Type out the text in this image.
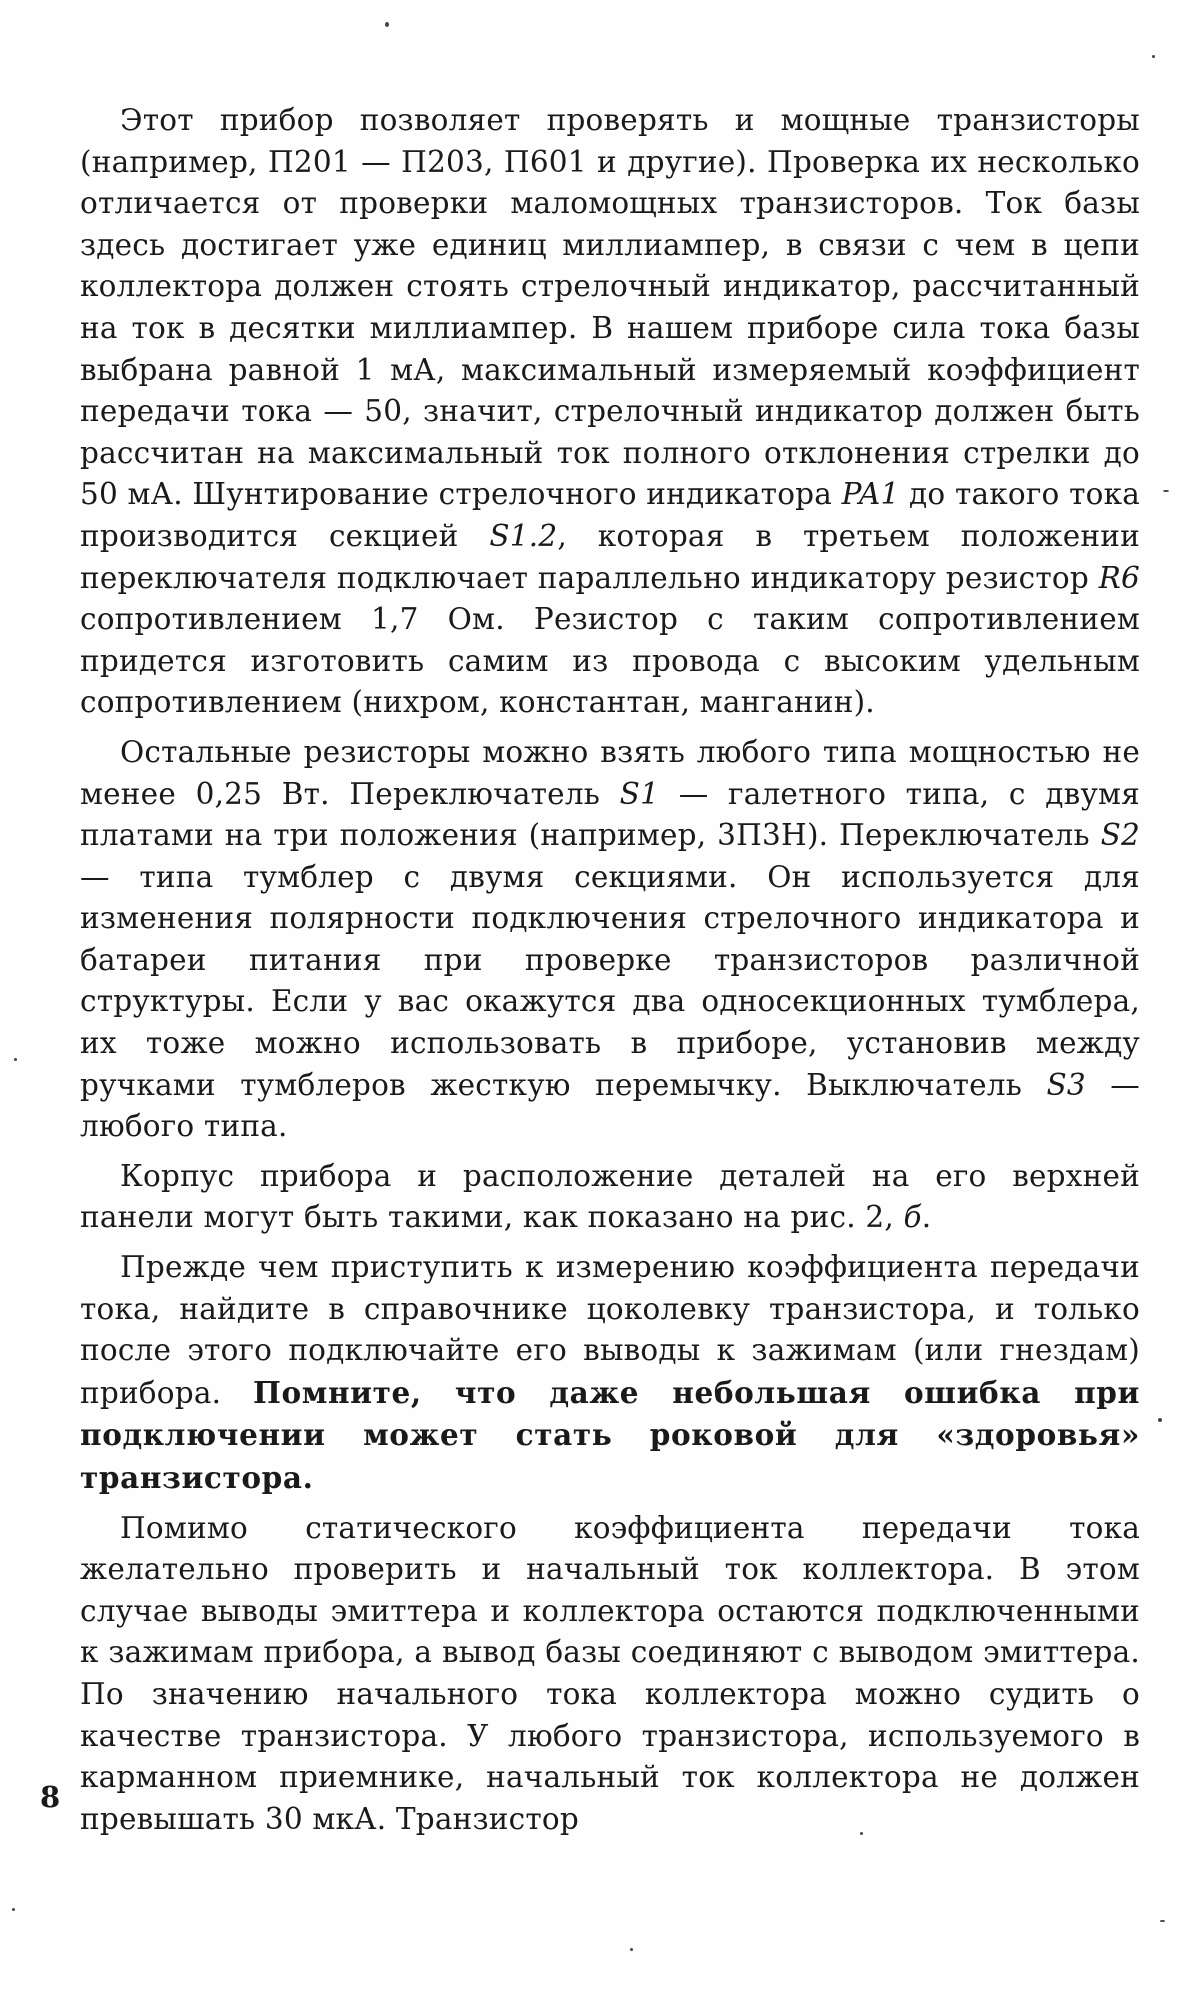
Этот прибор позволяет проверять и мощные транзисторы (например, П201 — П203, П601 и другие). Проверка их несколько отличается от проверки маломощных транзисторов. Ток базы здесь достигает уже единиц миллиампер, в связи с чем в цепи коллектора должен стоять стрелочный индикатор, рассчитанный на ток в десятки миллиампер. В нашем приборе сила тока базы выбрана равной 1 мА, максимальный измеряемый коэффициент передачи тока — 50, значит, стрелочный индикатор должен быть рассчитан на максимальный ток полного отклонения стрелки до 50 мА. Шунтирование стрелочного индикатора PA1 до такого тока производится секцией S1.2, которая в третьем положении переключателя подключает параллельно индикатору резистор R6 сопротивлением 1,7 Ом. Резистор с таким сопротивлением придется изготовить самим из провода с высоким удельным сопротивлением (нихром, константан, манганин).

Остальные резисторы можно взять любого типа мощностью не менее 0,25 Вт. Переключатель S1 — галетного типа, с двумя платами на три положения (например, 3П3Н). Переключатель S2 — типа тумблер с двумя секциями. Он используется для изменения полярности подключения стрелочного индикатора и батареи питания при проверке транзисторов различной структуры. Если у вас окажутся два односекционных тумблера, их тоже можно использовать в приборе, установив между ручками тумблеров жесткую перемычку. Выключатель S3 — любого типа.

Корпус прибора и расположение деталей на его верхней панели могут быть такими, как показано на рис. 2, б.

Прежде чем приступить к измерению коэффициента передачи тока, найдите в справочнике цоколевку транзистора, и только после этого подключайте его выводы к зажимам (или гнездам) прибора. Помните, что даже небольшая ошибка при подключении может стать роковой для «здоровья» транзистора.

Помимо статического коэффициента передачи тока желательно проверить и начальный ток коллектора. В этом случае выводы эмиттера и коллектора остаются подключенными к зажимам прибора, а вывод базы соединяют с выводом эмиттера. По значению начального тока коллектора можно судить о качестве транзистора. У любого транзистора, используемого в карманном приемнике, начальный ток коллектора не должен превышать 30 мкА. Транзистор

8
